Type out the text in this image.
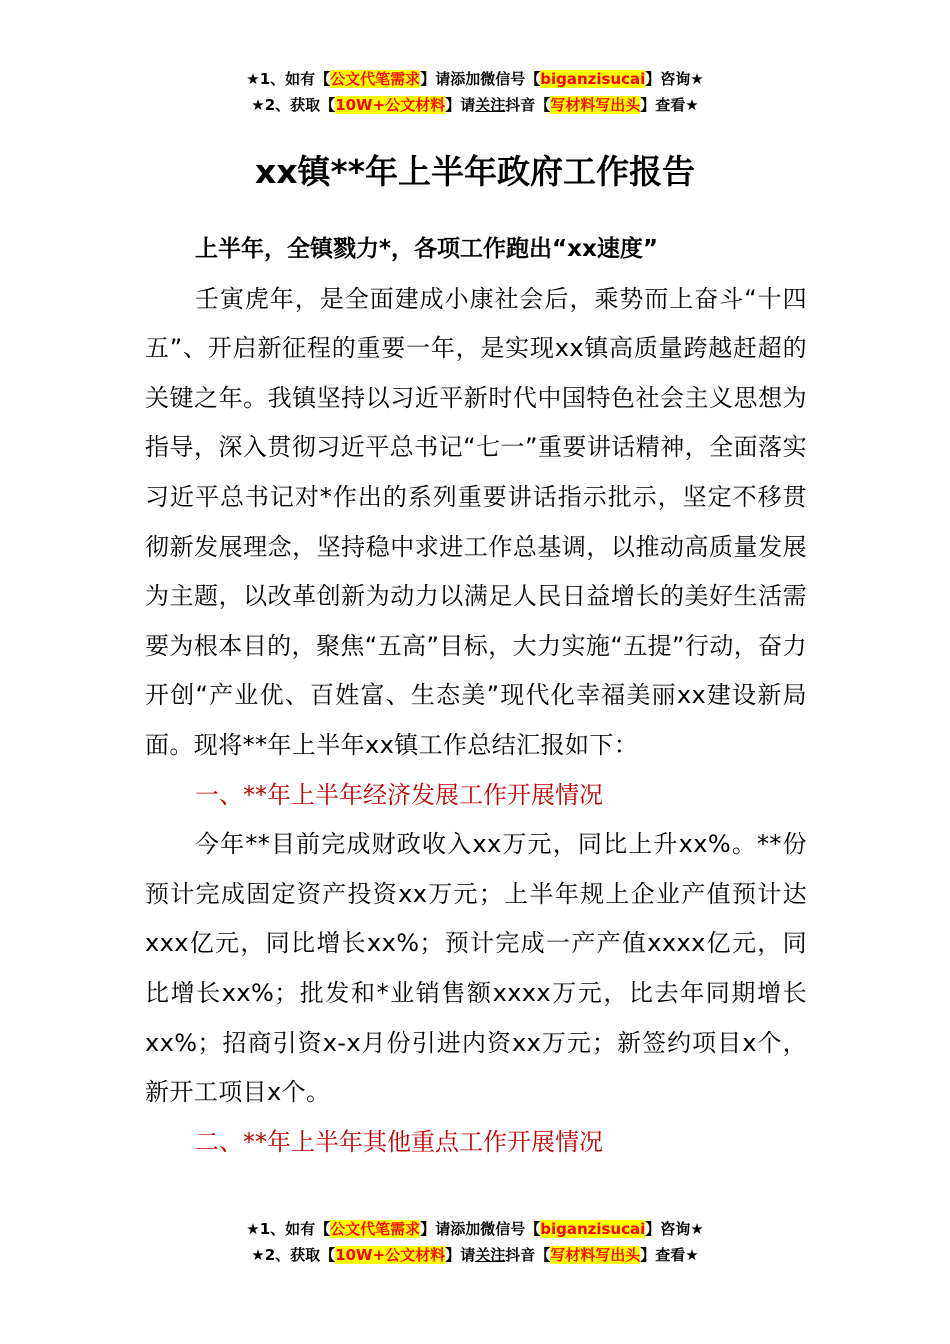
★1、如有【公文代笔需求】请添加微信号【biganzisucai】咨询★
★2、获取【10W+公文材料】请关注抖音【写材料写出头】查看★
xx镇**年上半年政府工作报告

上半年，全镇戮力*，各项工作跑出“xx速度”

壬寅虎年，是全面建成小康社会后，乘势而上奋斗“十四五”、开启新征程的重要一年，是实现xx镇高质量跨越赶超的关键之年。我镇坚持以习近平新时代中国特色社会主义思想为指导，深入贯彻习近平总书记“七一”重要讲话精神，全面落实习近平总书记对*作出的系列重要讲话指示批示，坚定不移贯彻新发展理念，坚持稳中求进工作总基调，以推动高质量发展为主题，以改革创新为动力以满足人民日益增长的美好生活需要为根本目的，聚焦“五高”目标，大力实施“五提”行动，奋力开创“产业优、百姓富、生态美”现代化幸福美丽xx建设新局面。现将**年上半年xx镇工作总结汇报如下：

一、**年上半年经济发展工作开展情况

今年**目前完成财政收入xx万元，同比上升xx%。**份预计完成固定资产投资xx万元；上半年规上企业产值预计达xxx亿元，同比增长xx%；预计完成一产产值xxxx亿元，同比增长xx%；批发和*业销售额xxxx万元，比去年同期增长xx%；招商引资x-x月份引进内资xx万元；新签约项目x个，新开工项目x个。

二、**年上半年其他重点工作开展情况

★1、如有【公文代笔需求】请添加微信号【biganzisucai】咨询★
★2、获取【10W+公文材料】请关注抖音【写材料写出头】查看★
